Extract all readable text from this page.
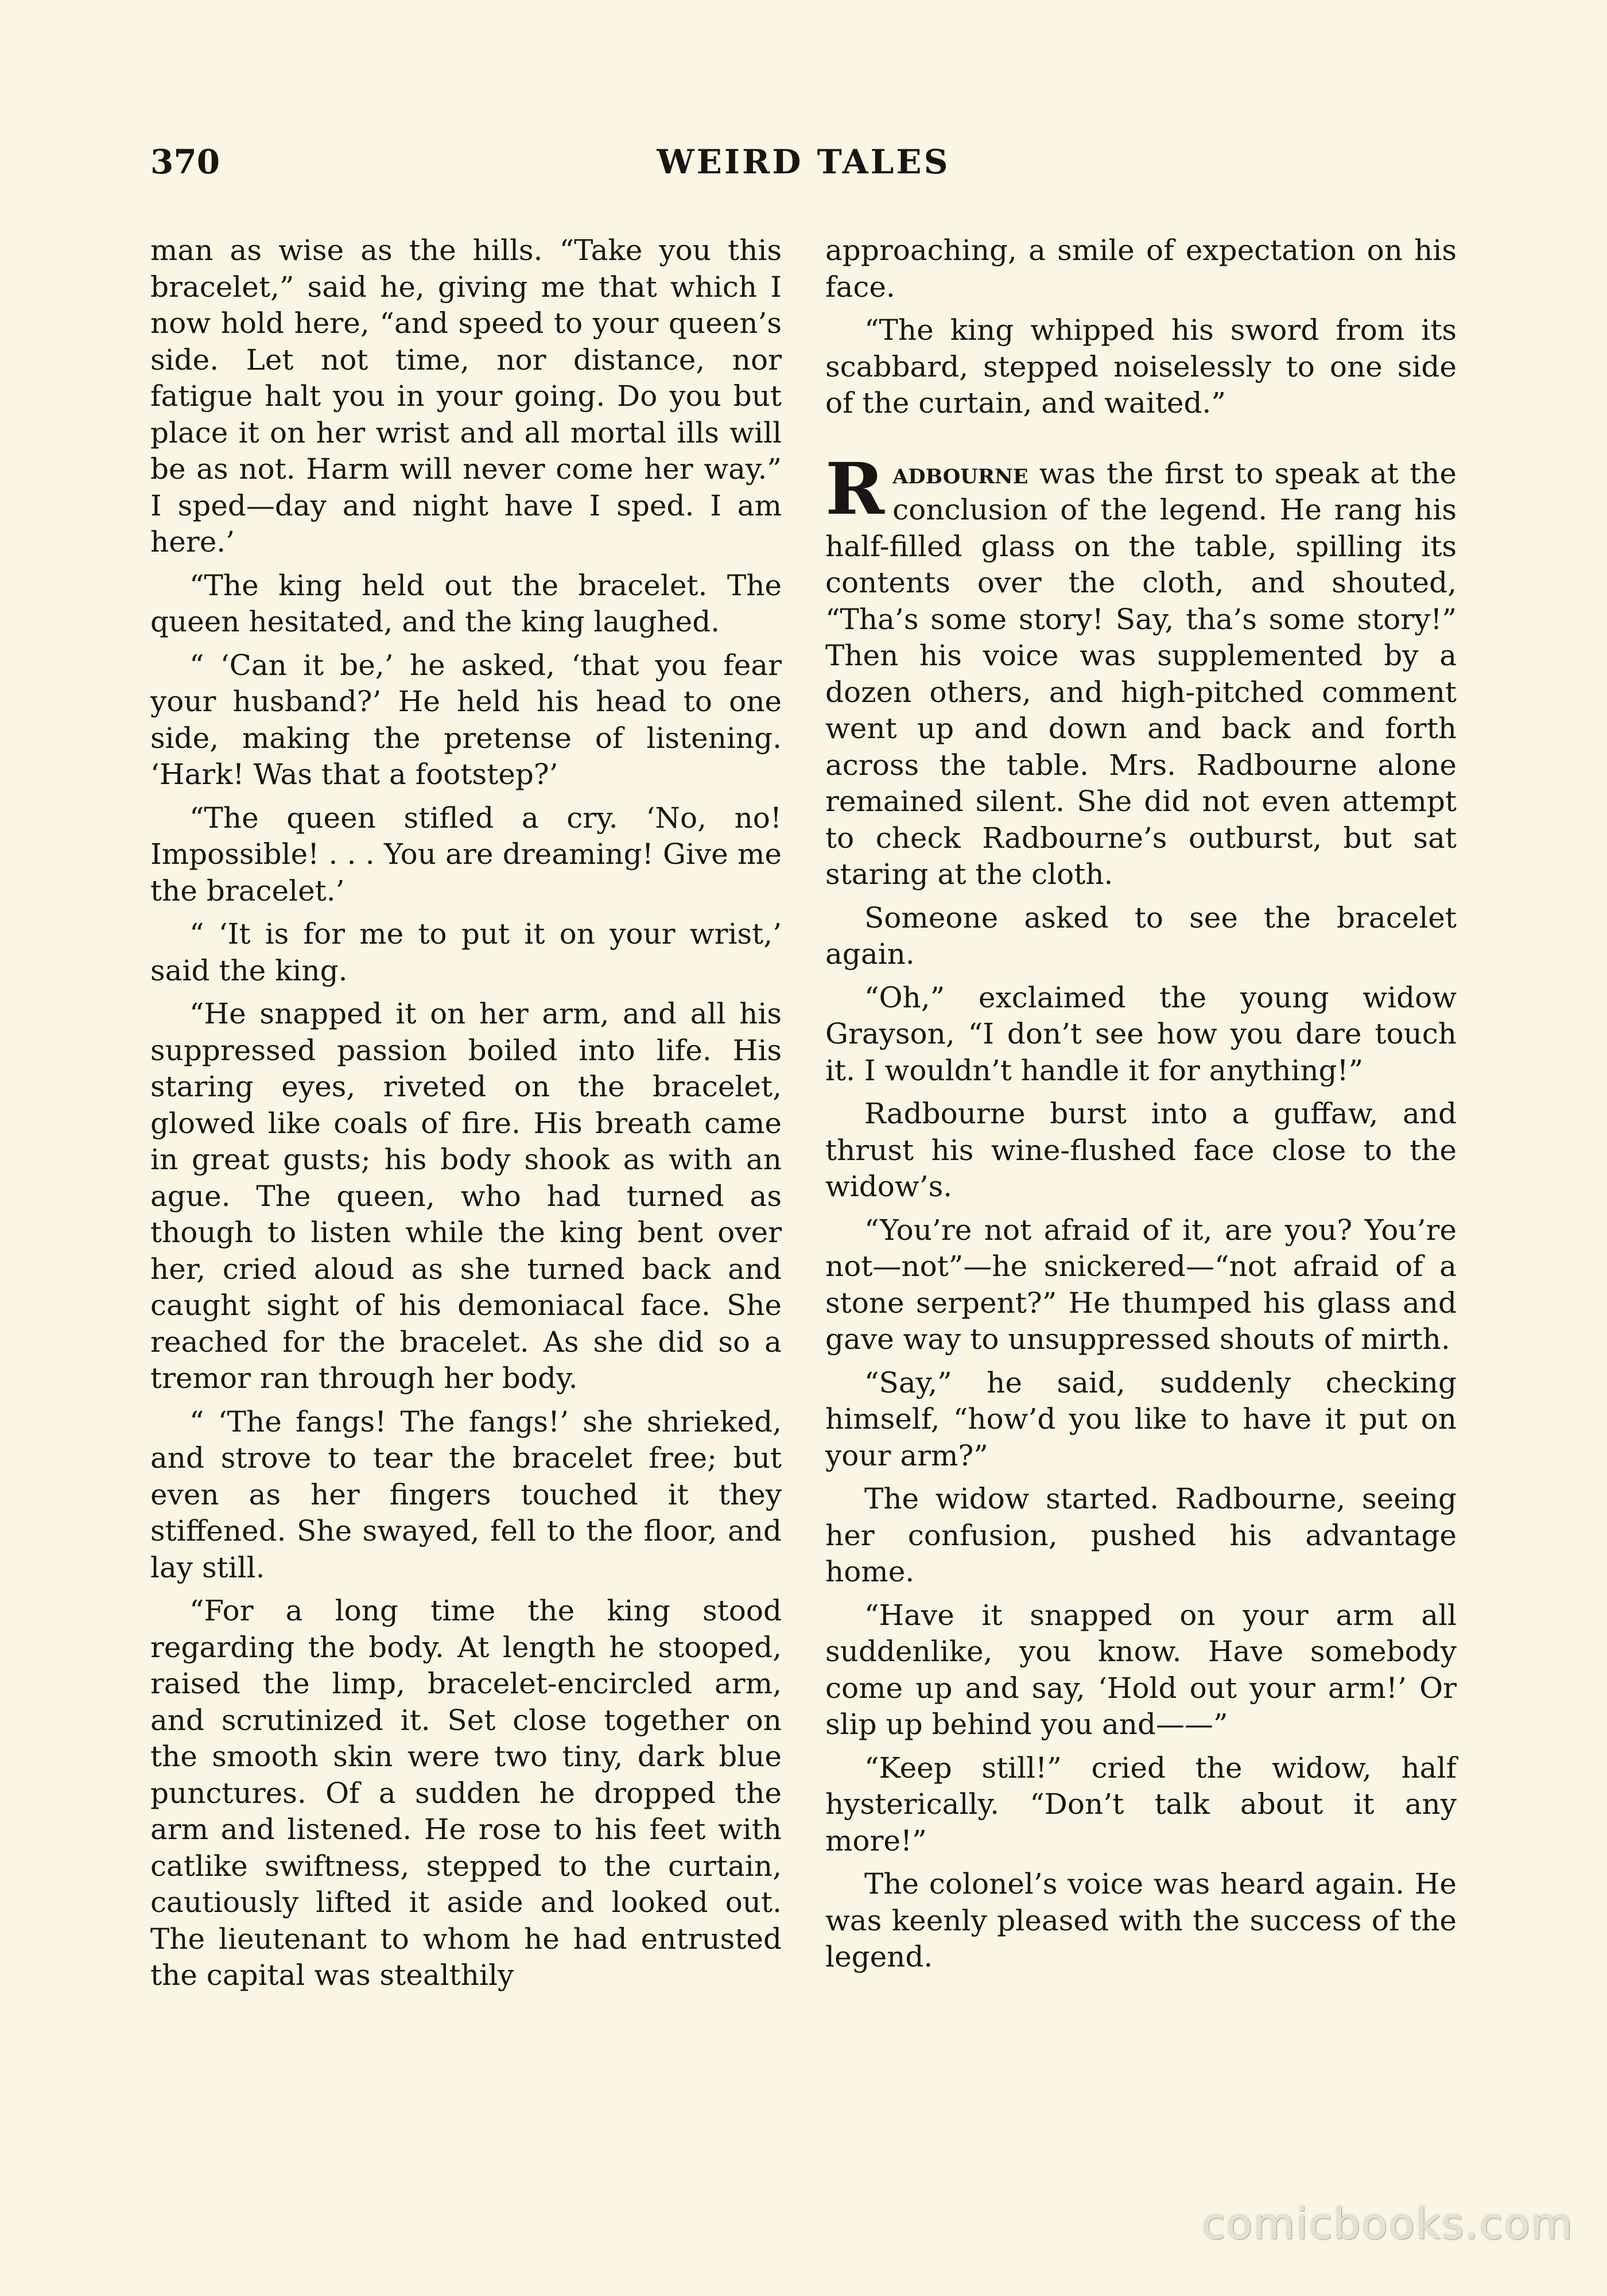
370	WEIRD TALES

man as wise as the hills. “Take you this bracelet,” said he, giving me that which I now hold here, “and speed to your queen’s side. Let not time, nor distance, nor fatigue halt you in your going. Do you but place it on her wrist and all mortal ills will be as not. Harm will never come her way.” I sped—day and night have I sped. I am here.’

“The king held out the bracelet. The queen hesitated, and the king laughed.

“ ‘Can it be,’ he asked, ‘that you fear your husband?’ He held his head to one side, making the pretense of listening. ‘Hark! Was that a footstep?’

“The queen stifled a cry. ‘No, no! Impossible! . . . You are dreaming! Give me the bracelet.’

“ ‘It is for me to put it on your wrist,’ said the king.

“He snapped it on her arm, and all his suppressed passion boiled into life. His staring eyes, riveted on the bracelet, glowed like coals of fire. His breath came in great gusts; his body shook as with an ague. The queen, who had turned as though to listen while the king bent over her, cried aloud as she turned back and caught sight of his demoniacal face. She reached for the bracelet. As she did so a tremor ran through her body.

“ ‘The fangs! The fangs!’ she shrieked, and strove to tear the bracelet free; but even as her fingers touched it they stiffened. She swayed, fell to the floor, and lay still.

“For a long time the king stood regarding the body. At length he stooped, raised the limp, bracelet-encircled arm, and scrutinized it. Set close together on the smooth skin were two tiny, dark blue punctures. Of a sudden he dropped the arm and listened. He rose to his feet with catlike swiftness, stepped to the curtain, cautiously lifted it aside and looked out. The lieutenant to whom he had entrusted the capital was stealthily

approaching, a smile of expectation on his face.

“The king whipped his sword from its scabbard, stepped noiselessly to one side of the curtain, and waited.”

Radbourne was the first to speak at the conclusion of the legend. He rang his half-filled glass on the table, spilling its contents over the cloth, and shouted, “Tha’s some story! Say, tha’s some story!” Then his voice was supplemented by a dozen others, and high-pitched comment went up and down and back and forth across the table. Mrs. Radbourne alone remained silent. She did not even attempt to check Radbourne’s outburst, but sat staring at the cloth.

Someone asked to see the bracelet again.

“Oh,” exclaimed the young widow Grayson, “I don’t see how you dare touch it. I wouldn’t handle it for anything!”

Radbourne burst into a guffaw, and thrust his wine-flushed face close to the widow’s.

“You’re not afraid of it, are you? You’re not—not”—he snickered—“not afraid of a stone serpent?” He thumped his glass and gave way to unsuppressed shouts of mirth.

“Say,” he said, suddenly checking himself, “how’d you like to have it put on your arm?”

The widow started. Radbourne, seeing her confusion, pushed his advantage home.

“Have it snapped on your arm all suddenlike, you know. Have somebody come up and say, ‘Hold out your arm!’ Or slip up behind you and——”

“Keep still!” cried the widow, half hysterically. “Don’t talk about it any more!”

The colonel’s voice was heard again. He was keenly pleased with the success of the legend.

comicbooks.com
